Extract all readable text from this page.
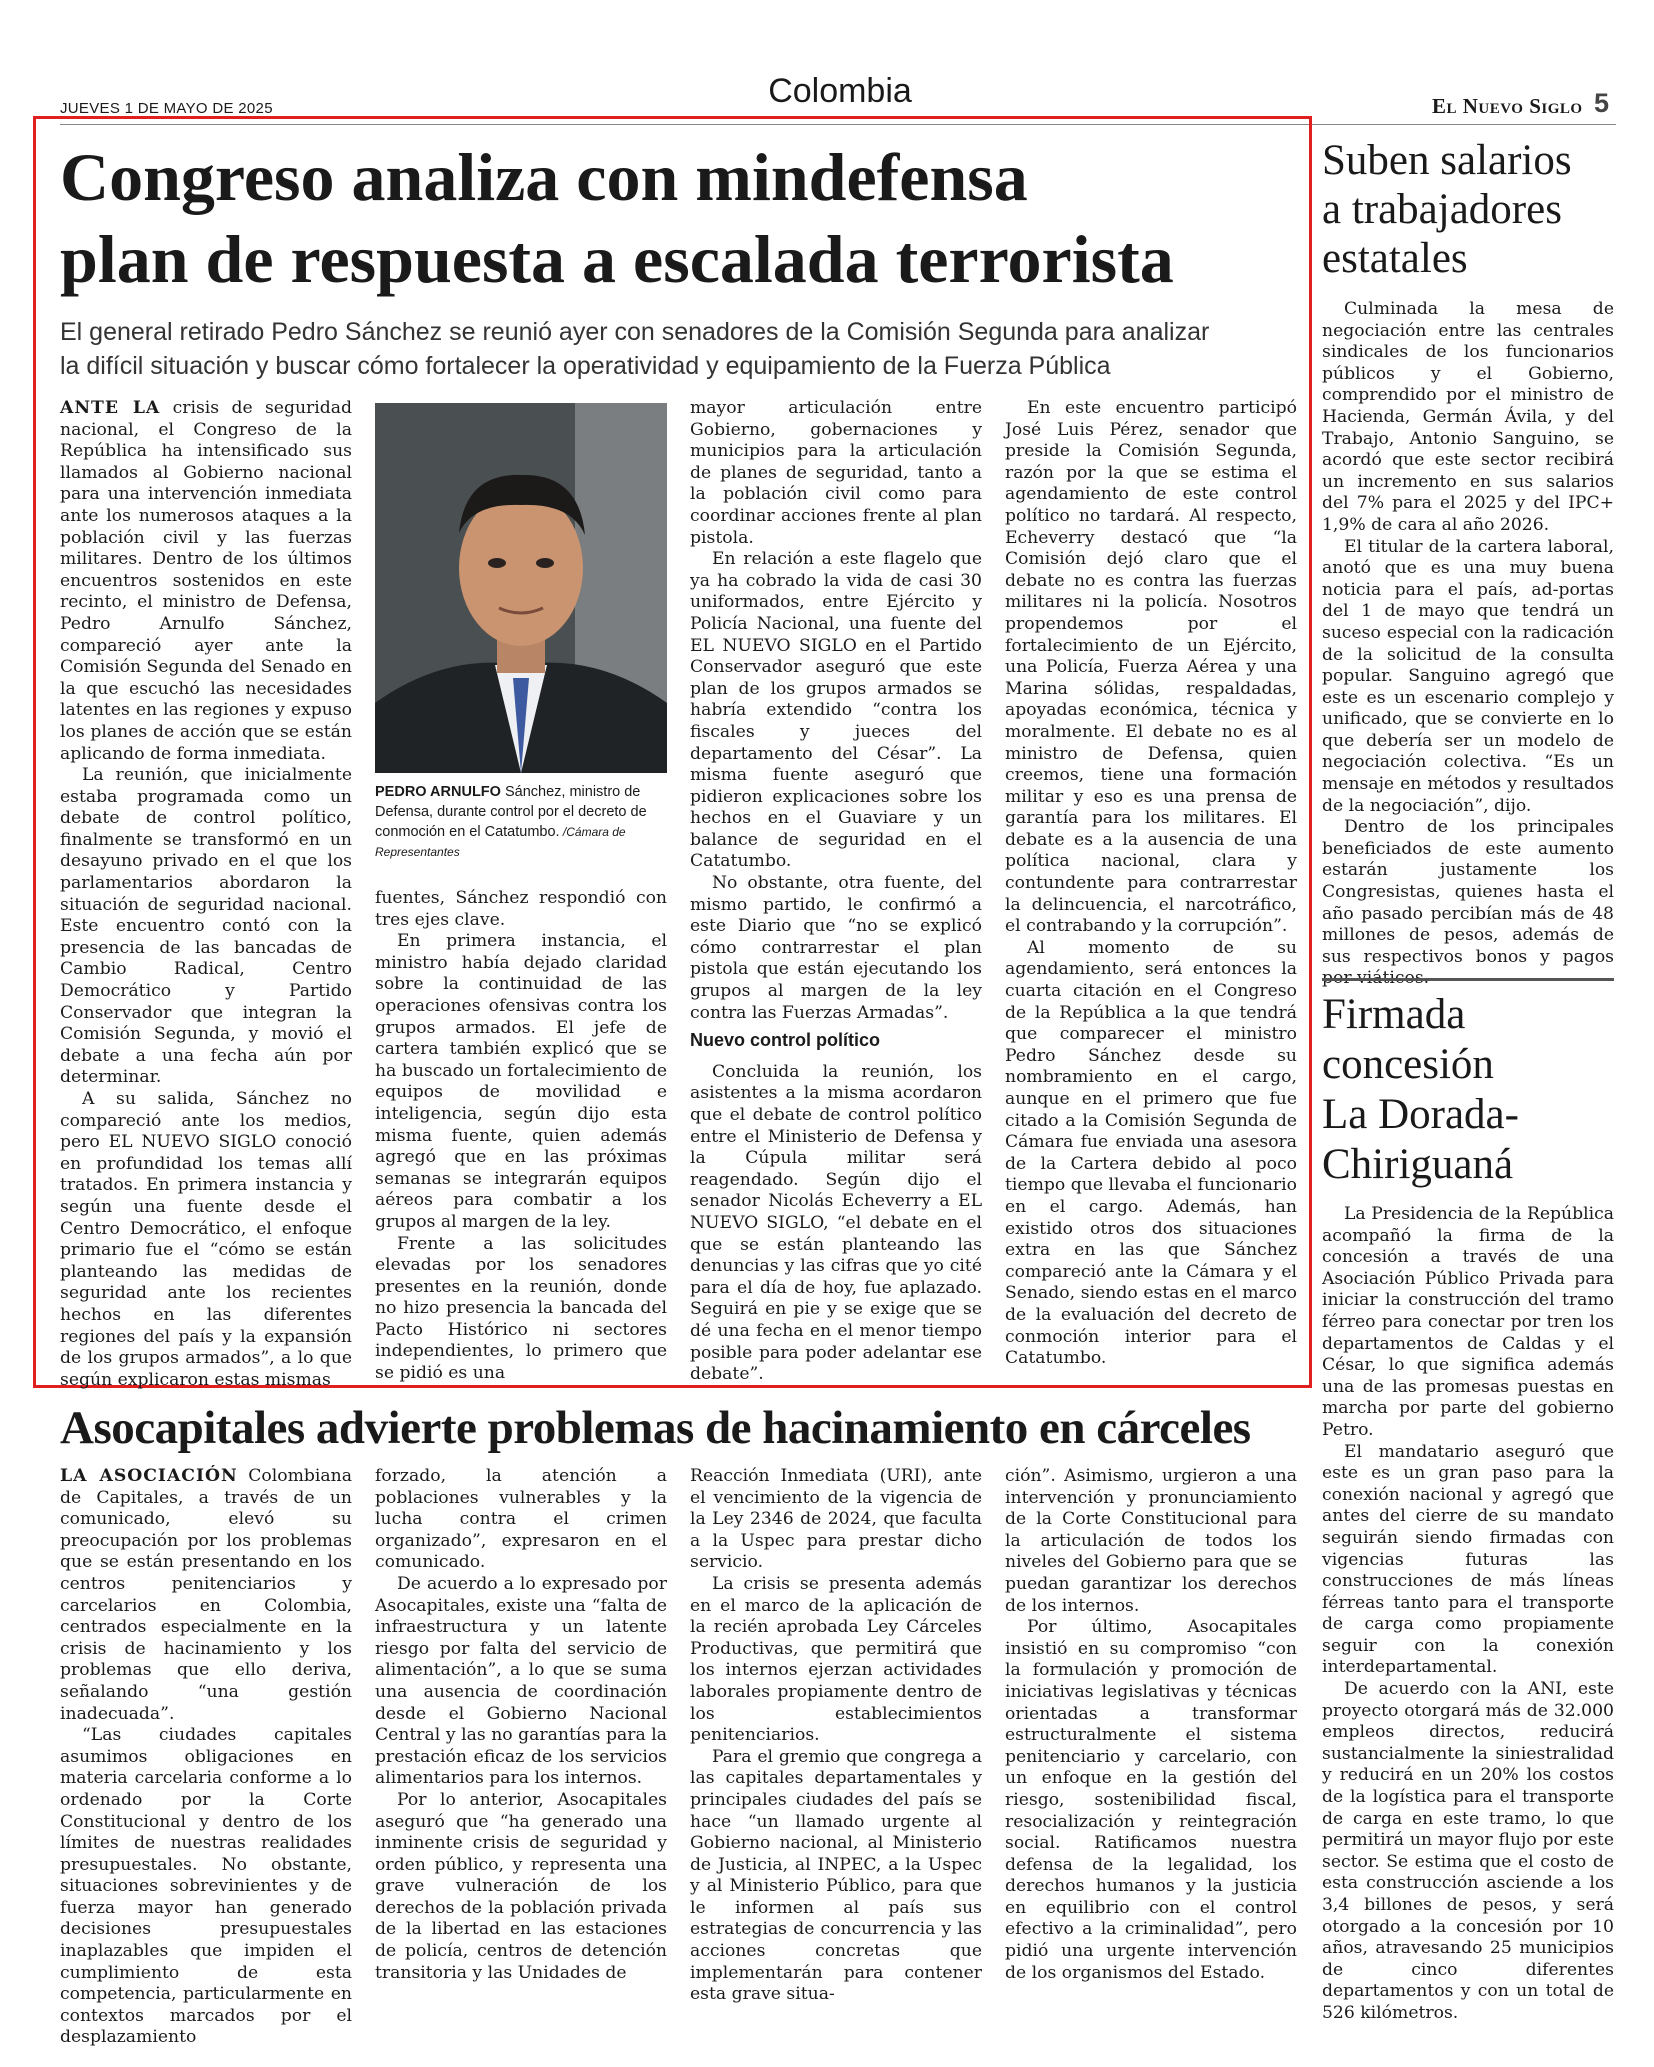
JUEVES 1 DE MAYO DE 2025	Colombia	El Nuevo Siglo 5
Congreso analiza con mindefensa
plan de respuesta a escalada terrorista
El general retirado Pedro Sánchez se reunió ayer con senadores de la Comisión Segunda para analizar
la difícil situación y buscar cómo fortalecer la operatividad y equipamiento de la Fuerza Pública

ANTE LA crisis de seguridad nacional, el Congreso de la República ha intensificado sus llamados al Gobierno nacional para una intervención inmediata ante los numerosos ataques a la población civil y las fuerzas militares. Dentro de los últimos encuentros sostenidos en este recinto, el ministro de Defensa, Pedro Arnulfo Sánchez, compareció ayer ante la Comisión Segunda del Senado en la que escuchó las necesidades latentes en las regiones y expuso los planes de acción que se están aplicando de forma inmediata.

La reunión, que inicialmente estaba programada como un debate de control político, finalmente se transformó en un desayuno privado en el que los parlamentarios abordaron la situación de seguridad nacional. Este encuentro contó con la presencia de las bancadas de Cambio Radical, Centro Democrático y Partido Conservador que integran la Comisión Segunda, y movió el debate a una fecha aún por determinar.

A su salida, Sánchez no compareció ante los medios, pero EL NUEVO SIGLO conoció en profundidad los temas allí tratados. En primera instancia y según una fuente desde el Centro Democrático, el enfoque primario fue el “cómo se están planteando las medidas de seguridad ante los recientes hechos en las diferentes regiones del país y la expansión de los grupos armados”, a lo que según explicaron estas mismas

PEDRO ARNULFO Sánchez, ministro de Defensa, durante control por el decreto de conmoción en el Catatumbo. /Cámara de Representantes

fuentes, Sánchez respondió con tres ejes clave.

En primera instancia, el ministro había dejado claridad sobre la continuidad de las operaciones ofensivas contra los grupos armados. El jefe de cartera también explicó que se ha buscado un fortalecimiento de equipos de movilidad e inteligencia, según dijo esta misma fuente, quien además agregó que en las próximas semanas se integrarán equipos aéreos para combatir a los grupos al margen de la ley.

Frente a las solicitudes elevadas por los senadores presentes en la reunión, donde no hizo presencia la bancada del Pacto Histórico ni sectores independientes, lo primero que se pidió es una

mayor articulación entre Gobierno, gobernaciones y municipios para la articulación de planes de seguridad, tanto a la población civil como para coordinar acciones frente al plan pistola.

En relación a este flagelo que ya ha cobrado la vida de casi 30 uniformados, entre Ejército y Policía Nacional, una fuente del EL NUEVO SIGLO en el Partido Conservador aseguró que este plan de los grupos armados se habría extendido “contra los fiscales y jueces del departamento del César”. La misma fuente aseguró que pidieron explicaciones sobre los hechos en el Guaviare y un balance de seguridad en el Catatumbo.

No obstante, otra fuente, del mismo partido, le confirmó a este Diario que “no se explicó cómo contrarrestar el plan pistola que están ejecutando los grupos al margen de la ley contra las Fuerzas Armadas”.

Nuevo control político

Concluida la reunión, los asistentes a la misma acordaron que el debate de control político entre el Ministerio de Defensa y la Cúpula militar será reagendado. Según dijo el senador Nicolás Echeverry a EL NUEVO SIGLO, “el debate en el que se están planteando las denuncias y las cifras que yo cité para el día de hoy, fue aplazado. Seguirá en pie y se exige que se dé una fecha en el menor tiempo posible para poder adelantar ese debate”.

En este encuentro participó José Luis Pérez, senador que preside la Comisión Segunda, razón por la que se estima el agendamiento de este control político no tardará. Al respecto, Echeverry destacó que “la Comisión dejó claro que el debate no es contra las fuerzas militares ni la policía. Nosotros propendemos por el fortalecimiento de un Ejército, una Policía, Fuerza Aérea y una Marina sólidas, respaldadas, apoyadas económica, técnica y moralmente. El debate no es al ministro de Defensa, quien creemos, tiene una formación militar y eso es una prensa de garantía para los militares. El debate es a la ausencia de una política nacional, clara y contundente para contrarrestar la delincuencia, el narcotráfico, el contrabando y la corrupción”.

Al momento de su agendamiento, será entonces la cuarta citación en el Congreso de la República a la que tendrá que comparecer el ministro Pedro Sánchez desde su nombramiento en el cargo, aunque en el primero que fue citado a la Comisión Segunda de Cámara fue enviada una asesora de la Cartera debido al poco tiempo que llevaba el funcionario en el cargo. Además, han existido otros dos situaciones extra en las que Sánchez compareció ante la Cámara y el Senado, siendo estas en el marco de la evaluación del decreto de conmoción interior para el Catatumbo.

Suben salarios
a trabajadores
estatales

Culminada la mesa de negociación entre las centrales sindicales de los funcionarios públicos y el Gobierno, comprendido por el ministro de Hacienda, Germán Ávila, y del Trabajo, Antonio Sanguino, se acordó que este sector recibirá un incremento en sus salarios del 7% para el 2025 y del IPC+ 1,9% de cara al año 2026.

El titular de la cartera laboral, anotó que es una muy buena noticia para el país, ad-portas del 1 de mayo que tendrá un suceso especial con la radicación de la solicitud de la consulta popular. Sanguino agregó que este es un escenario complejo y unificado, que se convierte en lo que debería ser un modelo de negociación colectiva. “Es un mensaje en métodos y resultados de la negociación”, dijo.

Dentro de los principales beneficiados de este aumento estarán justamente los Congresistas, quienes hasta el año pasado percibían más de 48 millones de pesos, además de sus respectivos bonos y pagos

Firmada
concesión
La Dorada-
Chiriguaná

La Presidencia de la República acompañó la firma de la concesión a través de una Asociación Público Privada para iniciar la construcción del tramo férreo para conectar por tren los departamentos de Caldas y el César, lo que significa además una de las promesas puestas en marcha por parte del gobierno Petro.

El mandatario aseguró que este es un gran paso para la conexión nacional y agregó que antes del cierre de su mandato seguirán siendo firmadas con vigencias futuras las construcciones de más líneas férreas tanto para el transporte de carga como propiamente seguir con la conexión interdepartamental.

De acuerdo con la ANI, este proyecto otorgará más de 32.000 empleos directos, reducirá sustancialmente la siniestralidad y reducirá en un 20% los costos de la logística para el transporte de carga en este tramo, lo que permitirá un mayor flujo por este sector. Se estima que el costo de esta construcción asciende a los 3,4 billones de pesos, y será otorgado a la concesión por 10 años, atravesando 25 municipios de cinco diferentes departamentos y con un total de 526 kilómetros.

Asocapitales advierte problemas de hacinamiento en cárceles

LA ASOCIACIÓN Colombiana de Capitales, a través de un comunicado, elevó su preocupación por los problemas que se están presentando en los centros penitenciarios y carcelarios en Colombia, centrados especialmente en la crisis de hacinamiento y los problemas que ello deriva, señalando “una gestión inadecuada”.

“Las ciudades capitales asumimos obligaciones en materia carcelaria conforme a lo ordenado por la Corte Constitucional y dentro de los límites de nuestras realidades presupuestales. No obstante, situaciones sobrevinientes y de fuerza mayor han generado decisiones presupuestales inaplazables que impiden el cumplimiento de esta competencia, particularmente en contextos marcados por el desplazamiento

forzado, la atención a poblaciones vulnerables y la lucha contra el crimen organizado”, expresaron en el comunicado.

De acuerdo a lo expresado por Asocapitales, existe una “falta de infraestructura y un latente riesgo por falta del servicio de alimentación”, a lo que se suma una ausencia de coordinación desde el Gobierno Nacional Central y las no garantías para la prestación eficaz de los servicios alimentarios para los internos.

Por lo anterior, Asocapitales aseguró que “ha generado una inminente crisis de seguridad y orden público, y representa una grave vulneración de los derechos de la población privada de la libertad en las estaciones de policía, centros de detención transitoria y las Unidades de

Reacción Inmediata (URI), ante el vencimiento de la vigencia de la Ley 2346 de 2024, que faculta a la Uspec para prestar dicho servicio.

La crisis se presenta además en el marco de la aplicación de la recién aprobada Ley Cárceles Productivas, que permitirá que los internos ejerzan actividades laborales propiamente dentro de los establecimientos penitenciarios.

Para el gremio que congrega a las capitales departamentales y principales ciudades del país se hace “un llamado urgente al Gobierno nacional, al Ministerio de Justicia, al INPEC, a la Uspec y al Ministerio Público, para que le informen al país sus estrategias de concurrencia y las acciones concretas que implementarán para contener esta grave situa-

ción”. Asimismo, urgieron a una intervención y pronunciamiento de la Corte Constitucional para la articulación de todos los niveles del Gobierno para que se puedan garantizar los derechos de los internos.

Por último, Asocapitales insistió en su compromiso “con la formulación y promoción de iniciativas legislativas y técnicas orientadas a transformar estructuralmente el sistema penitenciario y carcelario, con un enfoque en la gestión del riesgo, sostenibilidad fiscal, resocialización y reintegración social. Ratificamos nuestra defensa de la legalidad, los derechos humanos y la justicia en equilibrio con el control efectivo a la criminalidad”, pero pidió una urgente intervención de los organismos del Estado.
